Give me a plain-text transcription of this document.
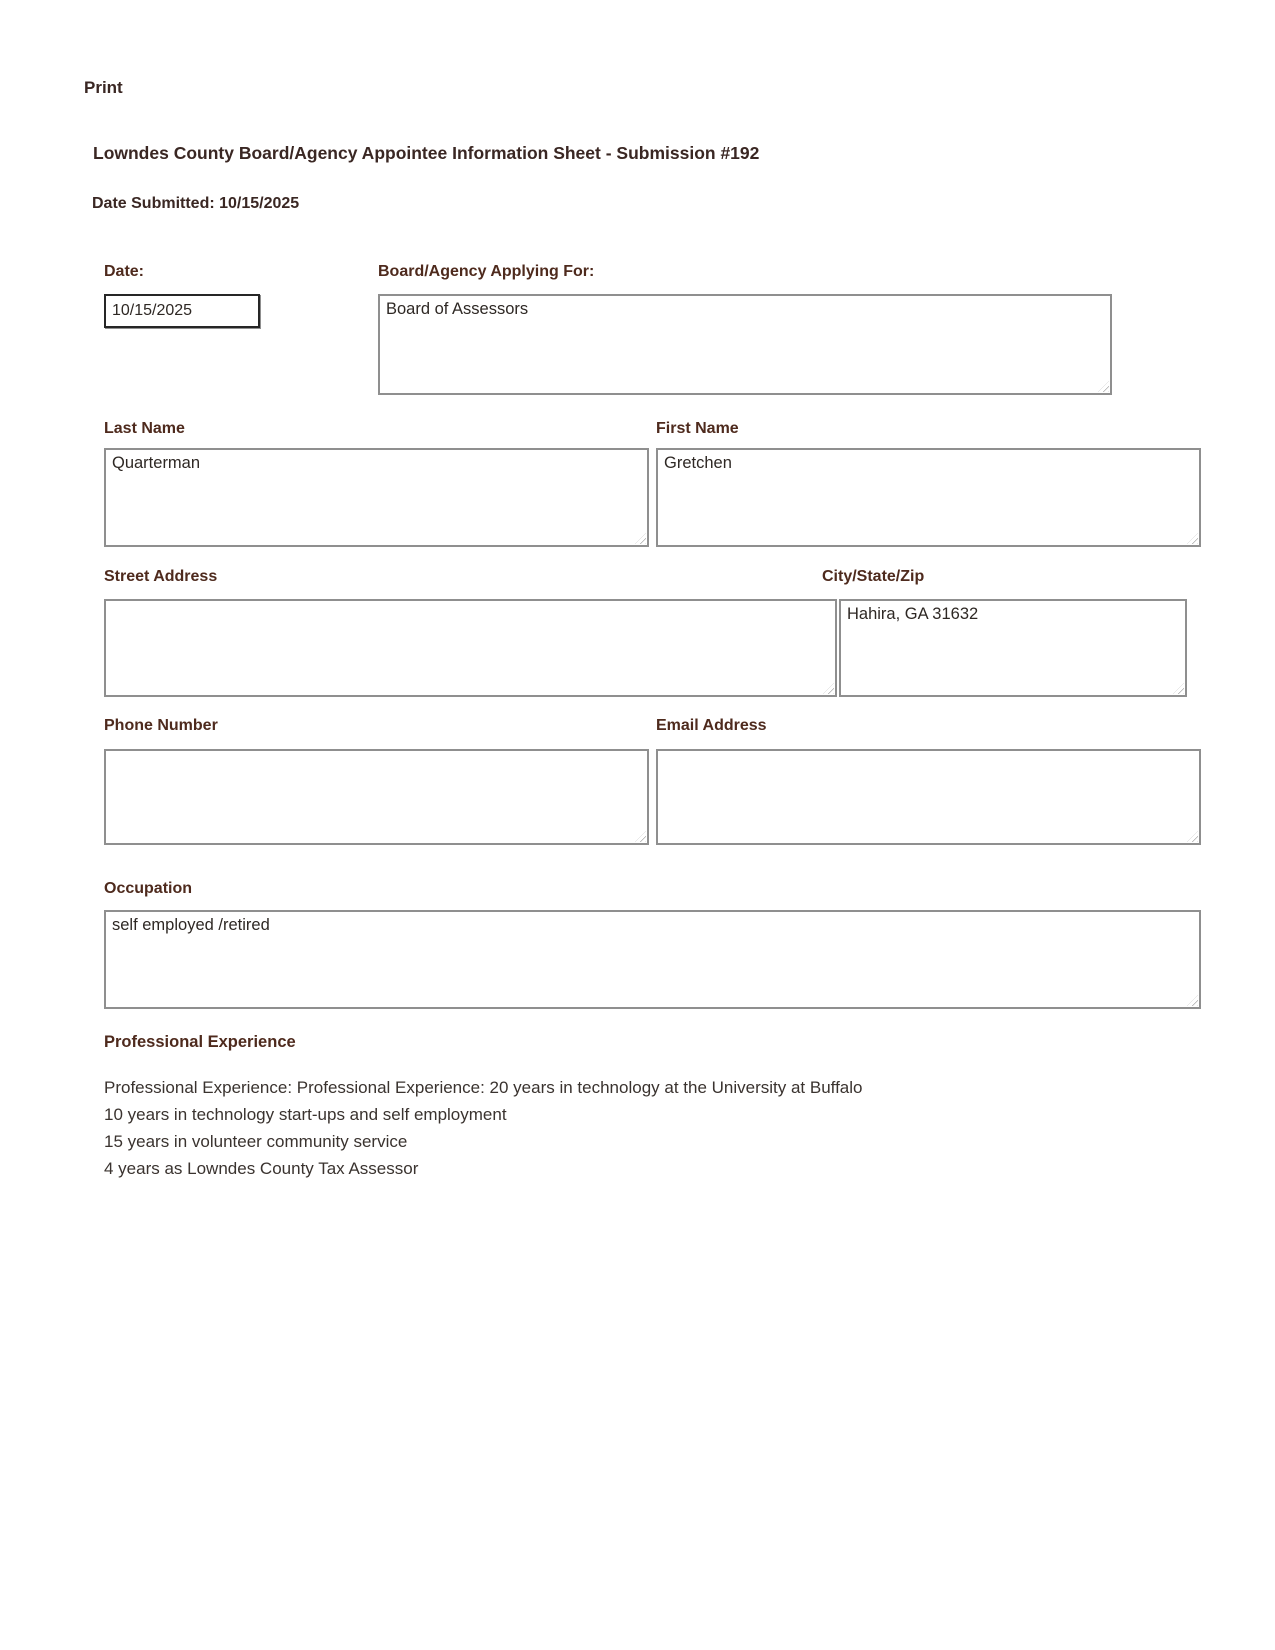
Print
Lowndes County Board/Agency Appointee Information Sheet - Submission #192
Date Submitted: 10/15/2025
Date:
10/15/2025
Board/Agency Applying For:
Board of Assessors
Last Name
Quarterman
First Name
Gretchen
Street Address	City/State/Zip
Hahira, GA 31632
Phone Number	Email Address
Occupation
self employed /retired
Professional Experience
Professional Experience: Professional Experience: 20 years in technology at the University at Buffalo
10 years in technology start-ups and self employment
15 years in volunteer community service
4 years as Lowndes County Tax Assessor
